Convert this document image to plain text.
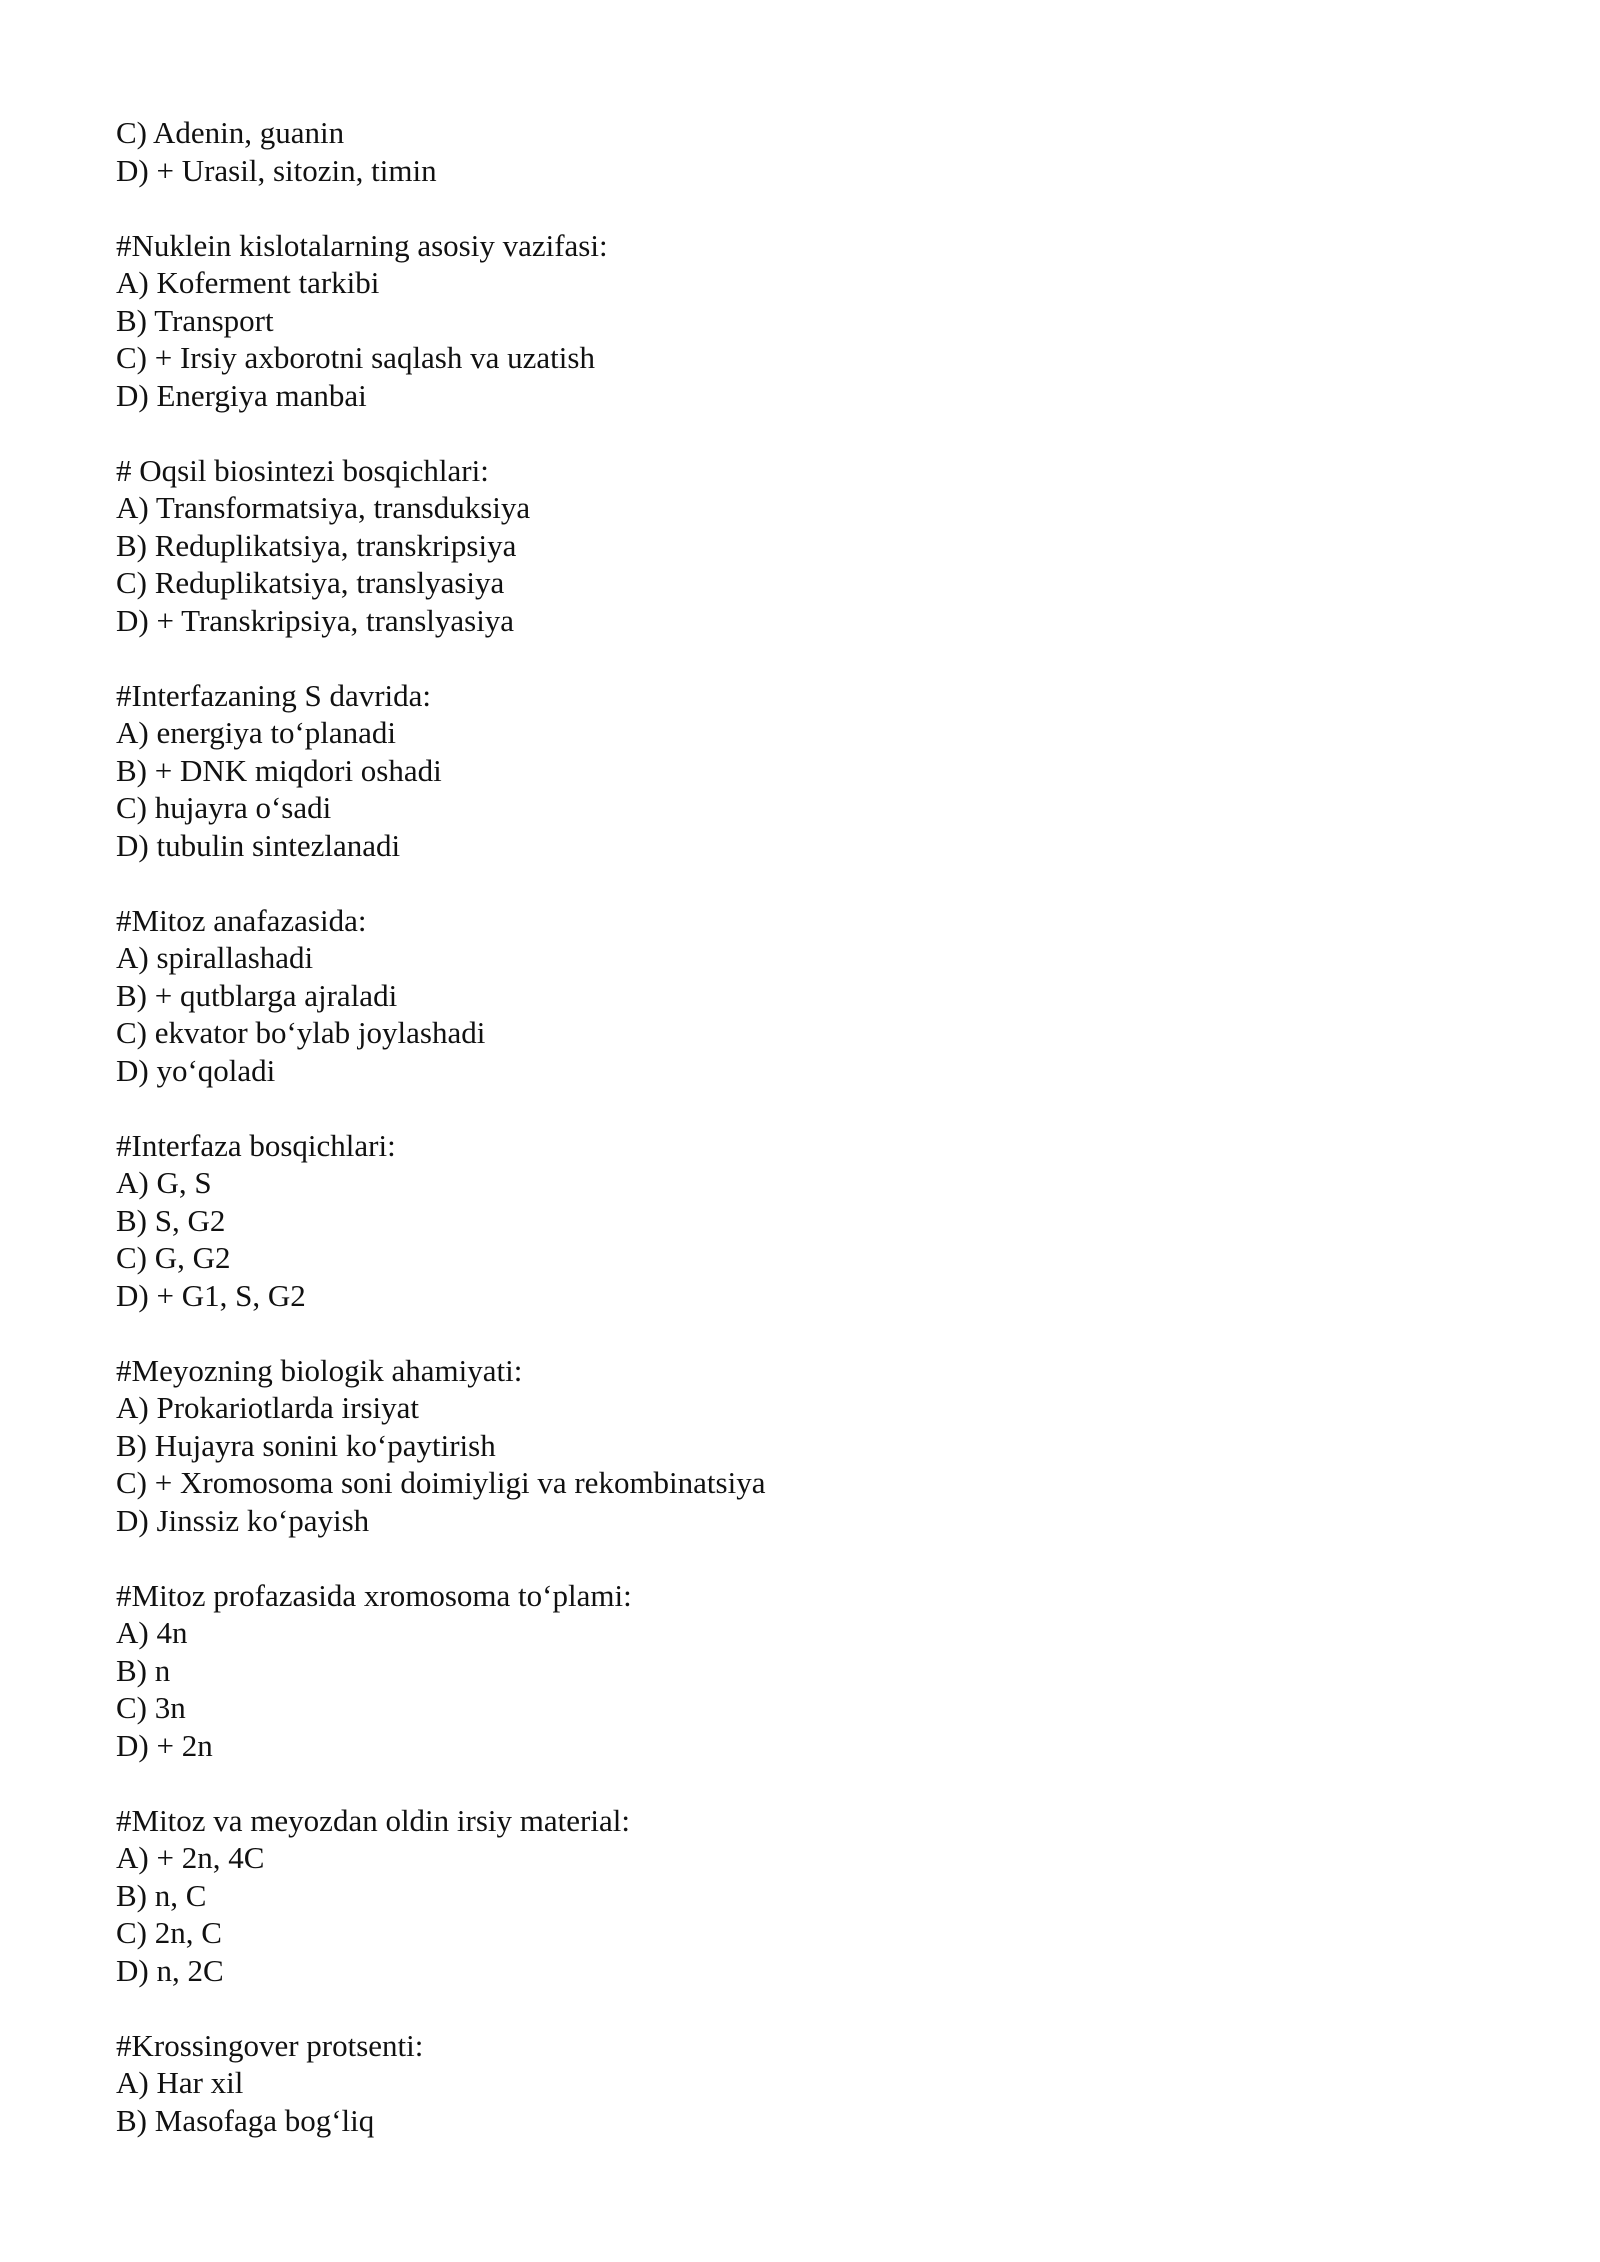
C) Adenin, guanin
D) + Urasil, sitozin, timin
#Nuklein kislotalarning asosiy vazifasi:
A) Koferment tarkibi
B) Transport
C) + Irsiy axborotni saqlash va uzatish
D) Energiya manbai
# Oqsil biosintezi bosqichlari:
A) Transformatsiya, transduksiya
B) Reduplikatsiya, transkripsiya
C) Reduplikatsiya, translyasiya
D) + Transkripsiya, translyasiya
#Interfazaning S davrida:
A) energiya to‘planadi
B) + DNK miqdori oshadi
C) hujayra o‘sadi
D) tubulin sintezlanadi
#Mitoz anafazasida:
A) spirallashadi
B) + qutblarga ajraladi
C) ekvator bo‘ylab joylashadi
D) yo‘qoladi
#Interfaza bosqichlari:
A) G, S
B) S, G2
C) G, G2
D) + G1, S, G2
#Meyozning biologik ahamiyati:
A) Prokariotlarda irsiyat
B) Hujayra sonini ko‘paytirish
C) + Xromosoma soni doimiyligi va rekombinatsiya
D) Jinssiz ko‘payish
#Mitoz profazasida xromosoma to‘plami:
A) 4n
B) n
C) 3n
D) + 2n
#Mitoz va meyozdan oldin irsiy material:
A) + 2n, 4C
B) n, C
C) 2n, C
D) n, 2C
#Krossingover protsenti:
A) Har xil
B) Masofaga bog‘liq
